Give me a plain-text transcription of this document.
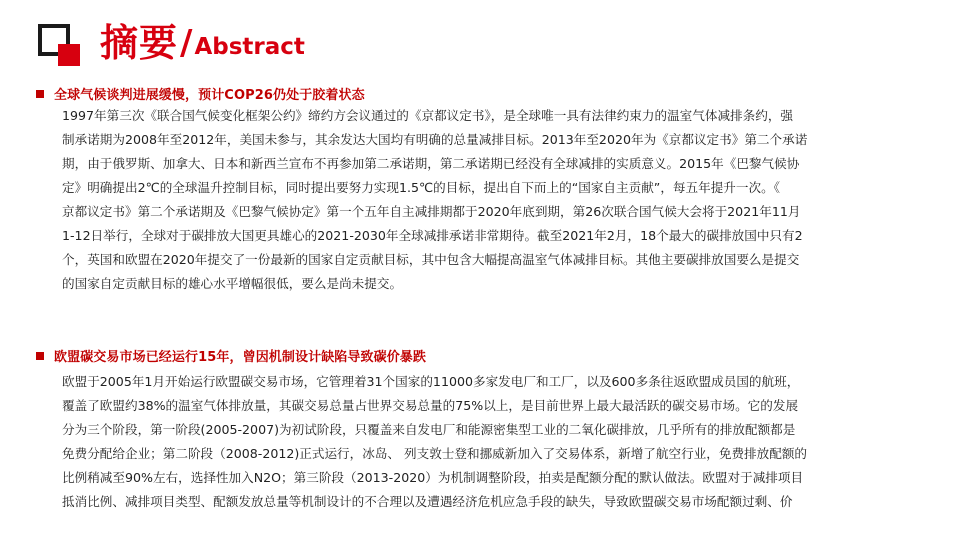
摘要 / Abstract
全球气候谈判进展缓慢，预计COP26仍处于胶着状态
1997年第三次《联合国气候变化框架公约》缔约方会议通过的《京都议定书》，是全球唯一具有法律约束力的温室气体减排条约，强
制承诺期为2008年至2012年，美国未参与，其余发达大国均有明确的总量减排目标。2013年至2020年为《京都议定书》第二个承诺
期，由于俄罗斯、加拿大、日本和新西兰宣布不再参加第二承诺期，第二承诺期已经没有全球减排的实质意义。2015年《巴黎气候协
定》明确提出2℃的全球温升控制目标，同时提出要努力实现1.5℃的目标，提出自下而上的“国家自主贡献”，每五年提升一次。《
京都议定书》第二个承诺期及《巴黎气候协定》第一个五年自主减排期都于2020年底到期，第26次联合国气候大会将于2021年11月
1-12日举行，全球对于碳排放大国更具雄心的2021-2030年全球减排承诺非常期待。截至2021年2月，18个最大的碳排放国中只有2
个，英国和欧盟在2020年提交了一份最新的国家自定贡献目标，其中包含大幅提高温室气体减排目标。其他主要碳排放国要么是提交
的国家自定贡献目标的雄心水平增幅很低，要么是尚未提交。
欧盟碳交易市场已经运行15年，曾因机制设计缺陷导致碳价暴跌
欧盟于2005年1月开始运行欧盟碳交易市场，它管理着31个国家的11000多家发电厂和工厂，以及600多条往返欧盟成员国的航班，
覆盖了欧盟约38%的温室气体排放量，其碳交易总量占世界交易总量的75%以上，是目前世界上最大最活跃的碳交易市场。它的发展
分为三个阶段，第一阶段(2005-2007)为初试阶段，只覆盖来自发电厂和能源密集型工业的二氧化碳排放，几乎所有的排放配额都是
免费分配给企业；第二阶段（2008-2012)正式运行，冰岛、 列支敦士登和挪威新加入了交易体系，新增了航空行业，免费排放配额的
比例稍减至90%左右，选择性加入N2O；第三阶段（2013-2020）为机制调整阶段，拍卖是配额分配的默认做法。欧盟对于减排项目
抵消比例、减排项目类型、配额发放总量等机制设计的不合理以及遭遇经济危机应急手段的缺失，导致欧盟碳交易市场配额过剩、价
